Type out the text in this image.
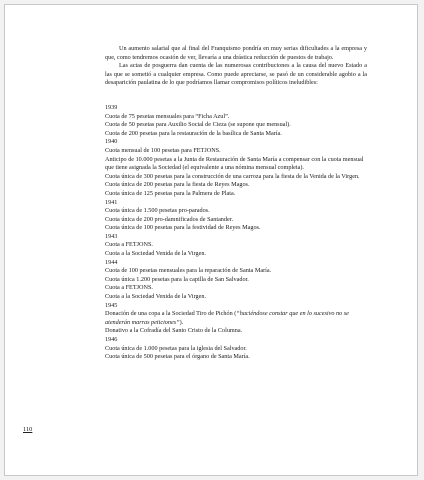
Un aumento salarial que al final del Franquismo pondría en muy serias dificultades a la empresa y que, como tendremos ocasión de ver, llevaría a una drástica reducción de puestos de trabajo.

Las actas de posguerra dan cuenta de las numerosas contribuciones a la causa del nuevo Estado a las que se sometió a cualquier empresa. Como puede apreciarse, se pasó de un considerable agobio a la desaparición paulatina de lo que podríamos llamar compromisos políticos ineludibles:

1939
Cuota de 75 pesetas mensuales para “Ficha Azul”.
Cuota de 50 pesetas para Auxilio Social de Cieza (se supone que mensual).
Cuota de 200 pesetas para la restauración de la basílica de Santa María.
1940
Cuota mensual de 100 pesetas para FETJONS.
Anticipo de 10.000 pesetas a la Junta de Restauración de Santa María a compensar con la cuota mensual que tiene asignada la Sociedad (el equivalente a una nómina mensual completa).
Cuota única de 300 pesetas para la construcción de una carroza para la fiesta de la Venida de la Virgen.
Cuota única de 200 pesetas para la fiesta de Reyes Magos.
Cuota única de 125 pesetas para la Palmera de Plata.
1941
Cuota única de 1.500 pesetas pro-parados.
Cuota única de 200 pro-damnificados de Santander.
Cuota única de 100 pesetas para la festividad de Reyes Magos.
1943
Cuota a FETJONS.
Cuota a la Sociedad Venida de la Virgen.
1944
Cuota de 100 pesetas mensuales para la reparación de Santa María.
Cuota única 1.200 pesetas para la capilla de San Salvador.
Cuota a FETJONS.
Cuota a la Sociedad Venida de la Virgen.
1945
Donación de una copa a la Sociedad Tiro de Pichón (“haciéndose constar que en lo sucesivo no se atenderán marras peticiones”).
Donativo a la Cofradía del Santo Cristo de la Columna.
1946
Cuota única de 1.000 pesetas para la iglesia del Salvador.
Cuota única de 500 pesetas para el órgano de Santa María.
110
